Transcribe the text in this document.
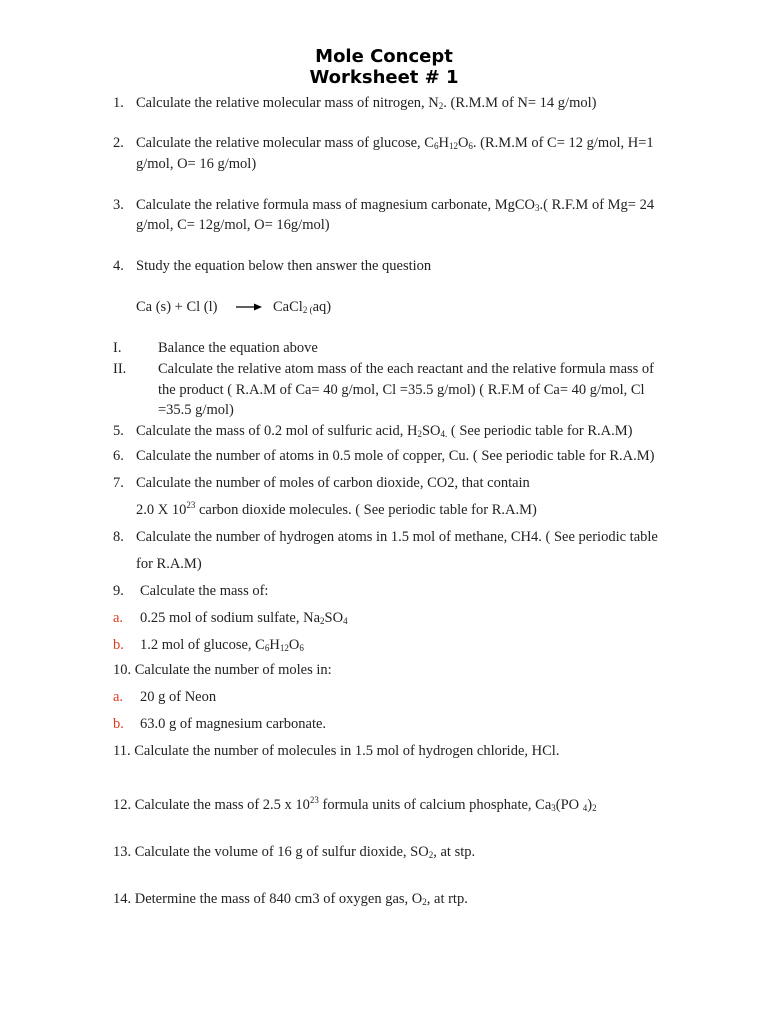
Mole Concept
Worksheet # 1
1. Calculate the relative molecular mass of nitrogen, $N_2$. (R.M.M of N= 14 g/mol)
2. Calculate the relative molecular mass of glucose, $C_6H_{12}O_6$. (R.M.M of C= 12 g/mol, H=1
g/mol, O= 16 g/mol)
3. Calculate the relative formula mass of magnesium carbonate, MgCO$_3$.( R.F.M of Mg= 24
g/mol, C= 12g/mol, O= 16g/mol)
4. Study the equation below then answer the question
Ca (s) + Cl (l) → CaCl$_{2 (}$aq)
I.	Balance the equation above
II. Calculate the relative atom mass of the each reactant and the relative formula mass of
the product ( R.A.M of Ca= 40 g/mol, Cl =35.5 g/mol) ( R.F.M of Ca= 40 g/mol, Cl
=35.5 g/mol)
5. Calculate the mass of 0.2 mol of sulfuric acid, $H_2SO_{4.}$ ( See periodic table for R.A.M)
6. Calculate the number of atoms in 0.5 mole of copper, Cu. ( See periodic table for R.A.M)
7. Calculate the number of moles of carbon dioxide, CO2, that contain
2.0 X $10^{23}$ carbon dioxide molecules. ( See periodic table for R.A.M)
8. Calculate the number of hydrogen atoms in 1.5 mol of methane, CH4. ( See periodic table
for R.A.M)
9. Calculate the mass of:
a. 0.25 mol of sodium sulfate, $Na_2SO_4$
b. 1.2 mol of glucose, $C_6H_{12}O_6$
10. Calculate the number of moles in:
a. 20 g of Neon
b. 63.0 g of magnesium carbonate.
11. Calculate the number of molecules in 1.5 mol of hydrogen chloride, HCl.
12. Calculate the mass of 2.5 x $10^{23}$ formula units of calcium phosphate, $Ca_3(PO$ $_4)_2$
13. Calculate the volume of 16 g of sulfur dioxide, $SO_2$, at stp.
14. Determine the mass of 840 cm3 of oxygen gas, $O_2$, at rtp.
